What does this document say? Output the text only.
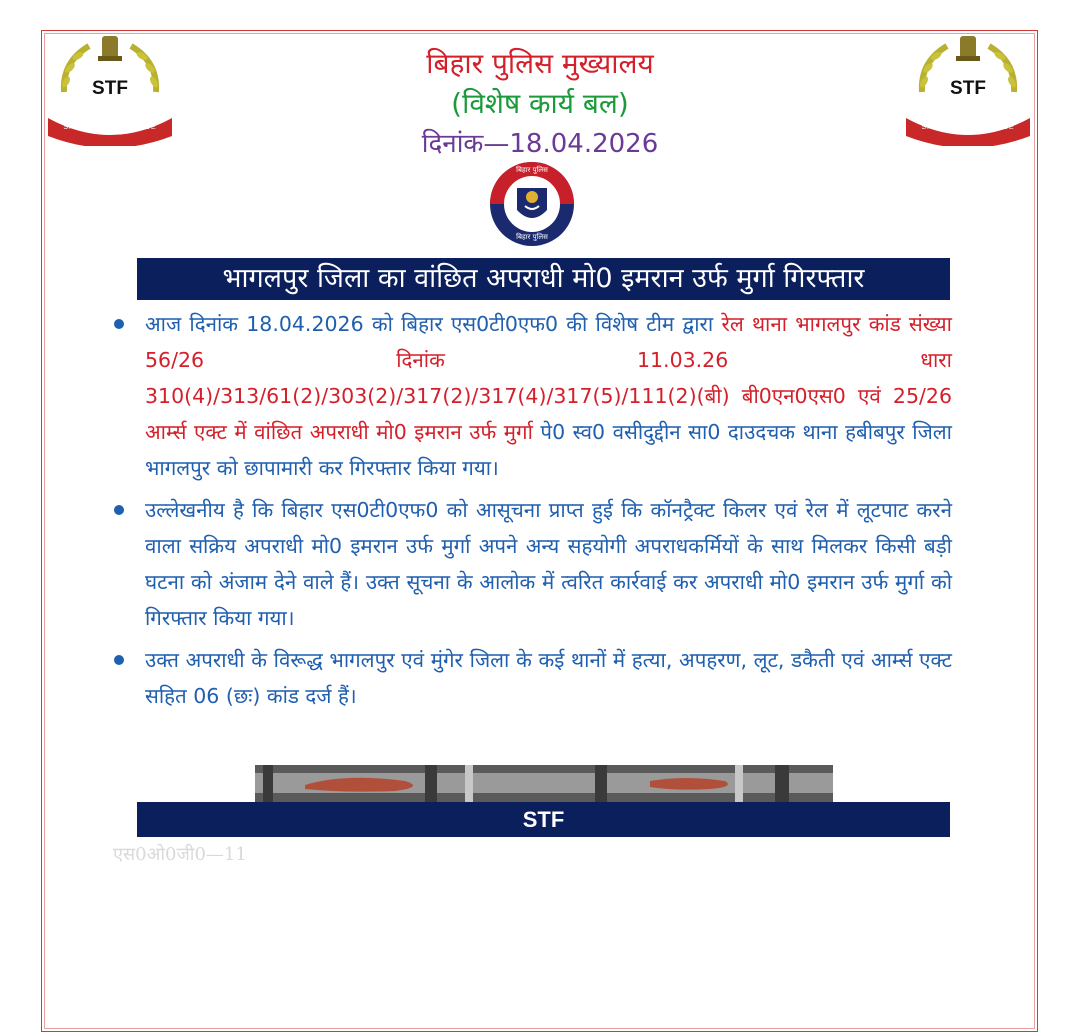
STF
SPECIAL TASK FORCE
STF
SPECIAL TASK FORCE
बिहार पुलिस मुख्यालय
(विशेष कार्य बल)
दिनांक—18.04.2026
बिहार पुलिस
बिहार पुलिस
भागलपुर जिला का वांछित अपराधी मो0 इमरान उर्फ मुर्गा गिरफ्तार
आज दिनांक 18.04.2026 को बिहार एस0टी0एफ0 की विशेष टीम द्वारा रेल थाना भागलपुर कांड संख्या 56/26 दिनांक 11.03.26 धारा 310(4)/313/61(2)/303(2)/317(2)/317(4)/317(5)/111(2)(बी) बी0एन0एस0 एवं 25/26 आर्म्स एक्ट में वांछित अपराधी मो0 इमरान उर्फ मुर्गा पे0 स्व0 वसीदुद्दीन सा0 दाउदचक थाना हबीबपुर जिला भागलपुर को छापामारी कर गिरफ्तार किया गया।
उल्लेखनीय है कि बिहार एस0टी0एफ0 को आसूचना प्राप्त हुई कि कॉनट्रैक्ट किलर एवं रेल में लूटपाट करने वाला सक्रिय अपराधी मो0 इमरान उर्फ मुर्गा अपने अन्य सहयोगी अपराधकर्मियों के साथ मिलकर किसी बड़ी घटना को अंजाम देने वाले हैं। उक्त सूचना के आलोक में त्वरित कार्रवाई कर अपराधी मो0 इमरान उर्फ मुर्गा को गिरफ्तार किया गया।
उक्त अपराधी के विरूद्ध भागलपुर एवं मुंगेर जिला के कई थानों में हत्या, अपहरण, लूट, डकैती एवं आर्म्स एक्ट सहित 06 (छः) कांड दर्ज हैं।
STF
एस0ओ0जी0—11
